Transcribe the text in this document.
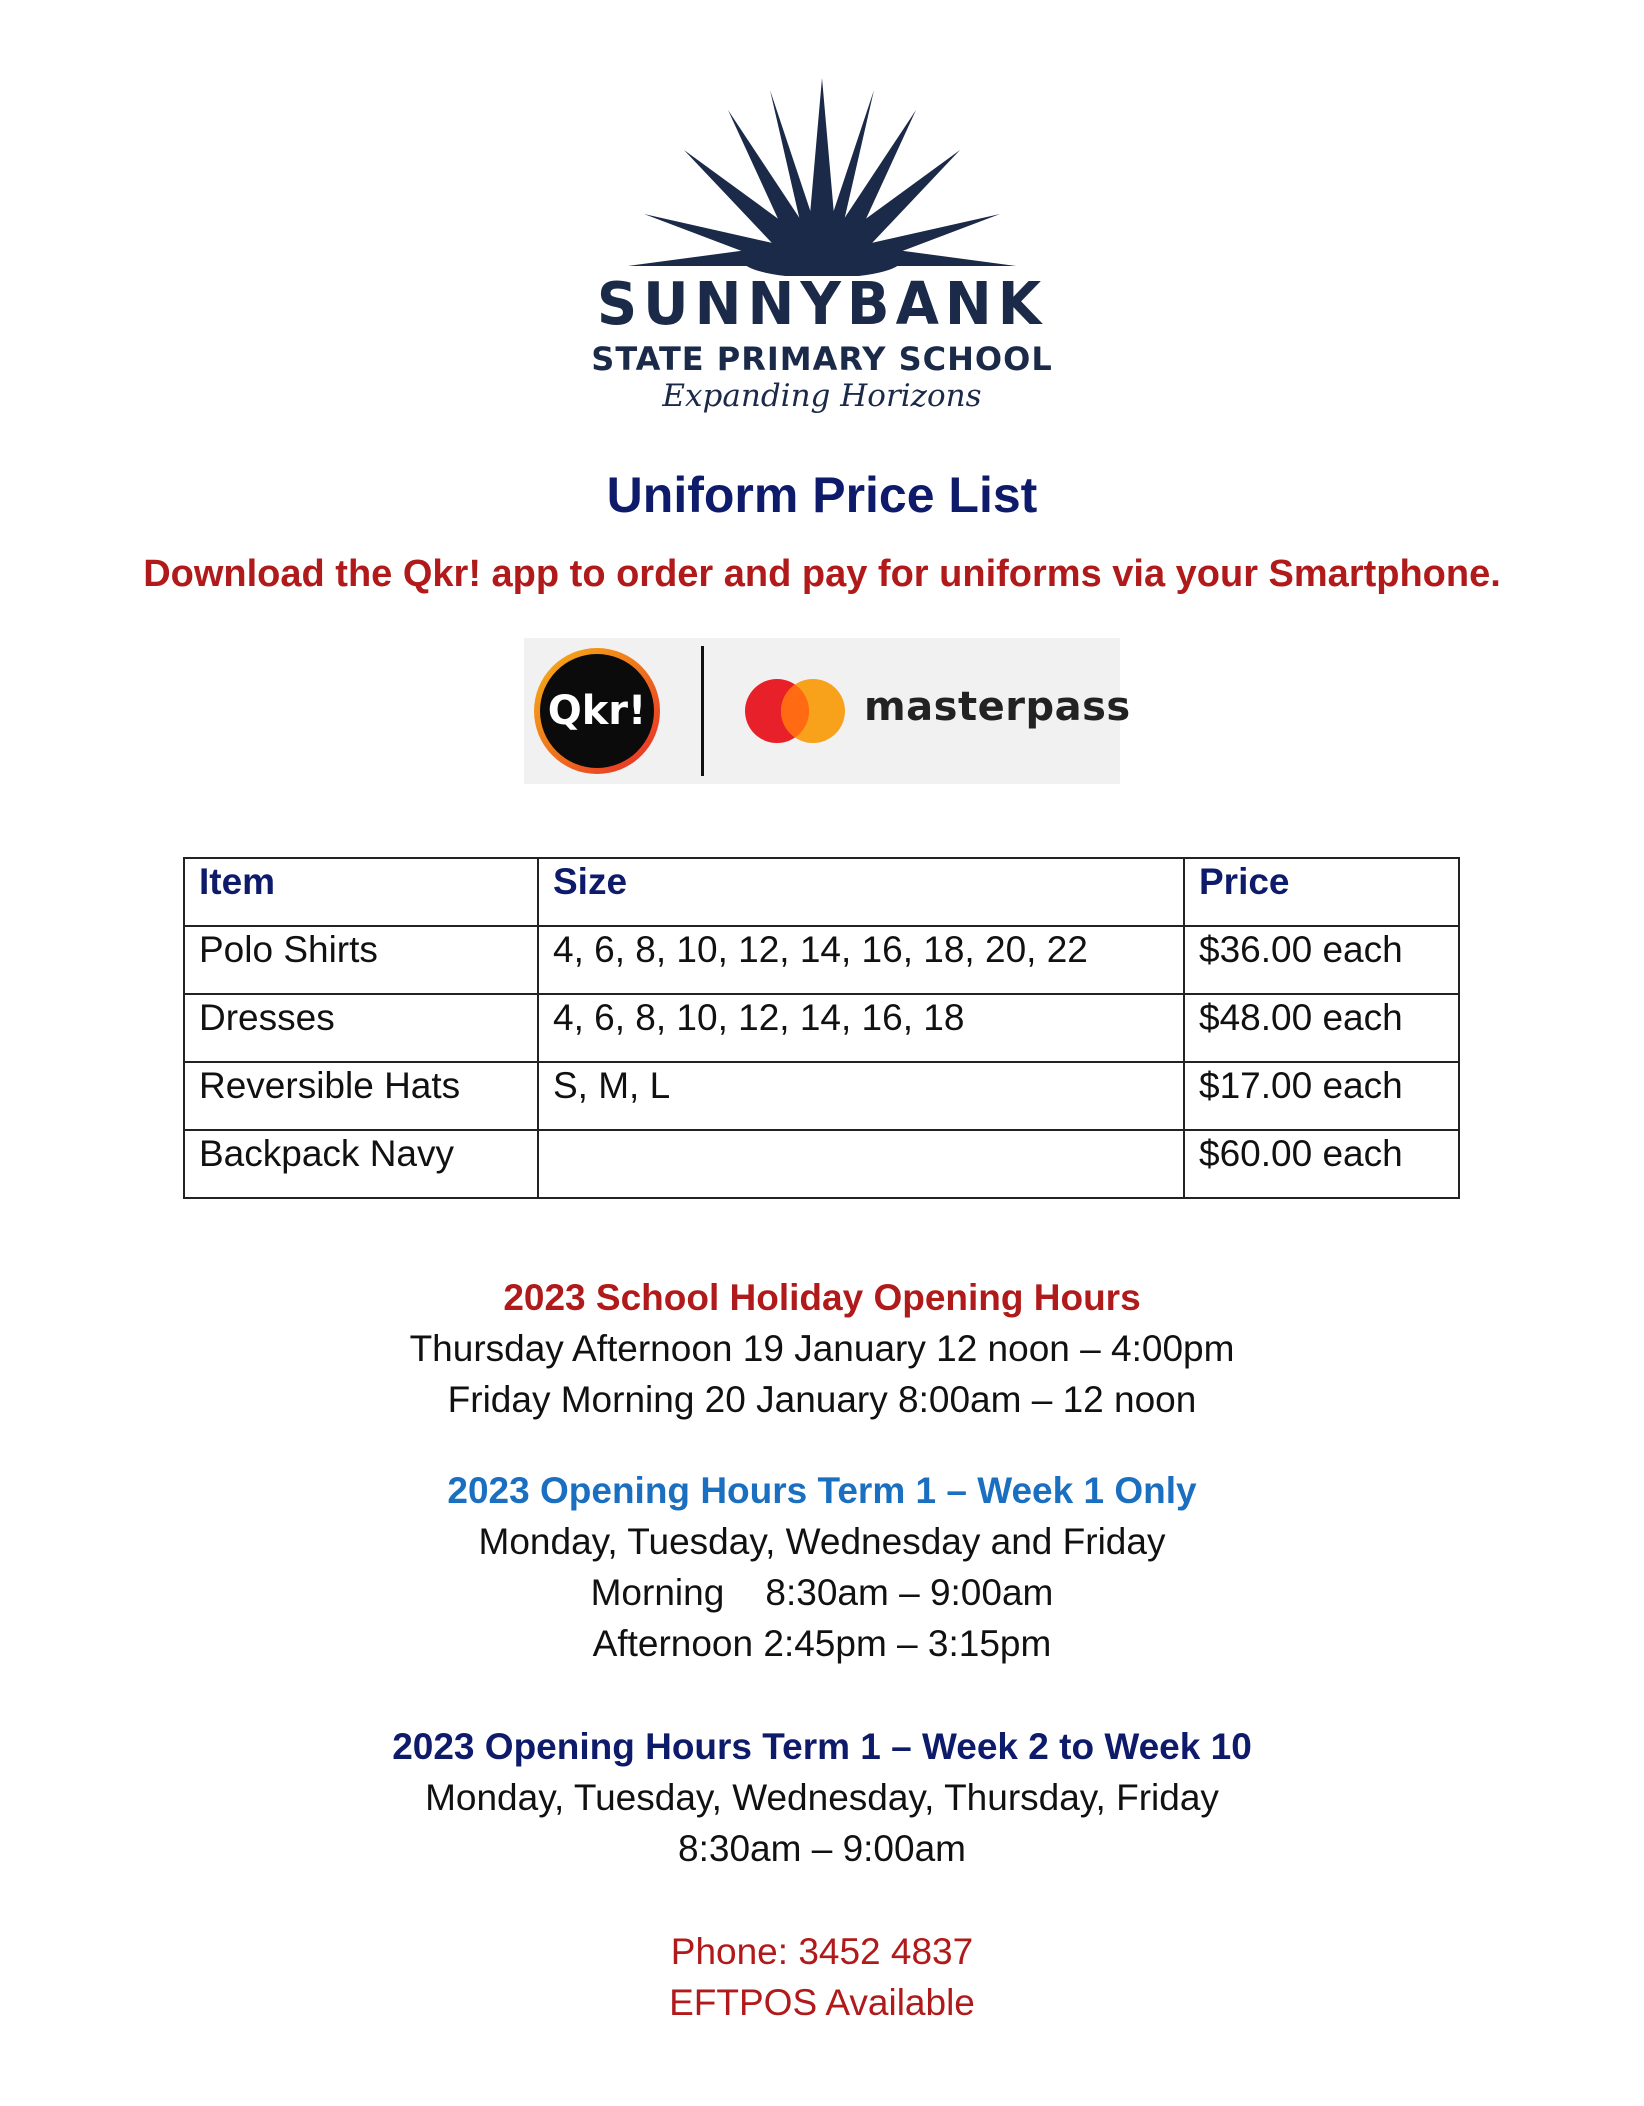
SUNNYBANK
STATE PRIMARY SCHOOL
Expanding Horizons
Uniform Price List
Download the Qkr! app to order and pay for uniforms via your Smartphone.
Qkr!	masterpass
Item	Size	Price
Polo Shirts	4, 6, 8, 10, 12, 14, 16, 18, 20, 22	$36.00 each
Dresses	4, 6, 8, 10, 12, 14, 16, 18	$48.00 each
Reversible Hats	S, M, L	$17.00 each
Backpack Navy		$60.00 each
2023 School Holiday Opening Hours
Thursday Afternoon 19 January 12 noon – 4:00pm
Friday Morning 20 January 8:00am – 12 noon
2023 Opening Hours Term 1 – Week 1 Only
Monday, Tuesday, Wednesday and Friday
Morning    8:30am – 9:00am
Afternoon 2:45pm – 3:15pm
2023 Opening Hours Term 1 – Week 2 to Week 10
Monday, Tuesday, Wednesday, Thursday, Friday
8:30am – 9:00am
Phone: 3452 4837
EFTPOS Available
